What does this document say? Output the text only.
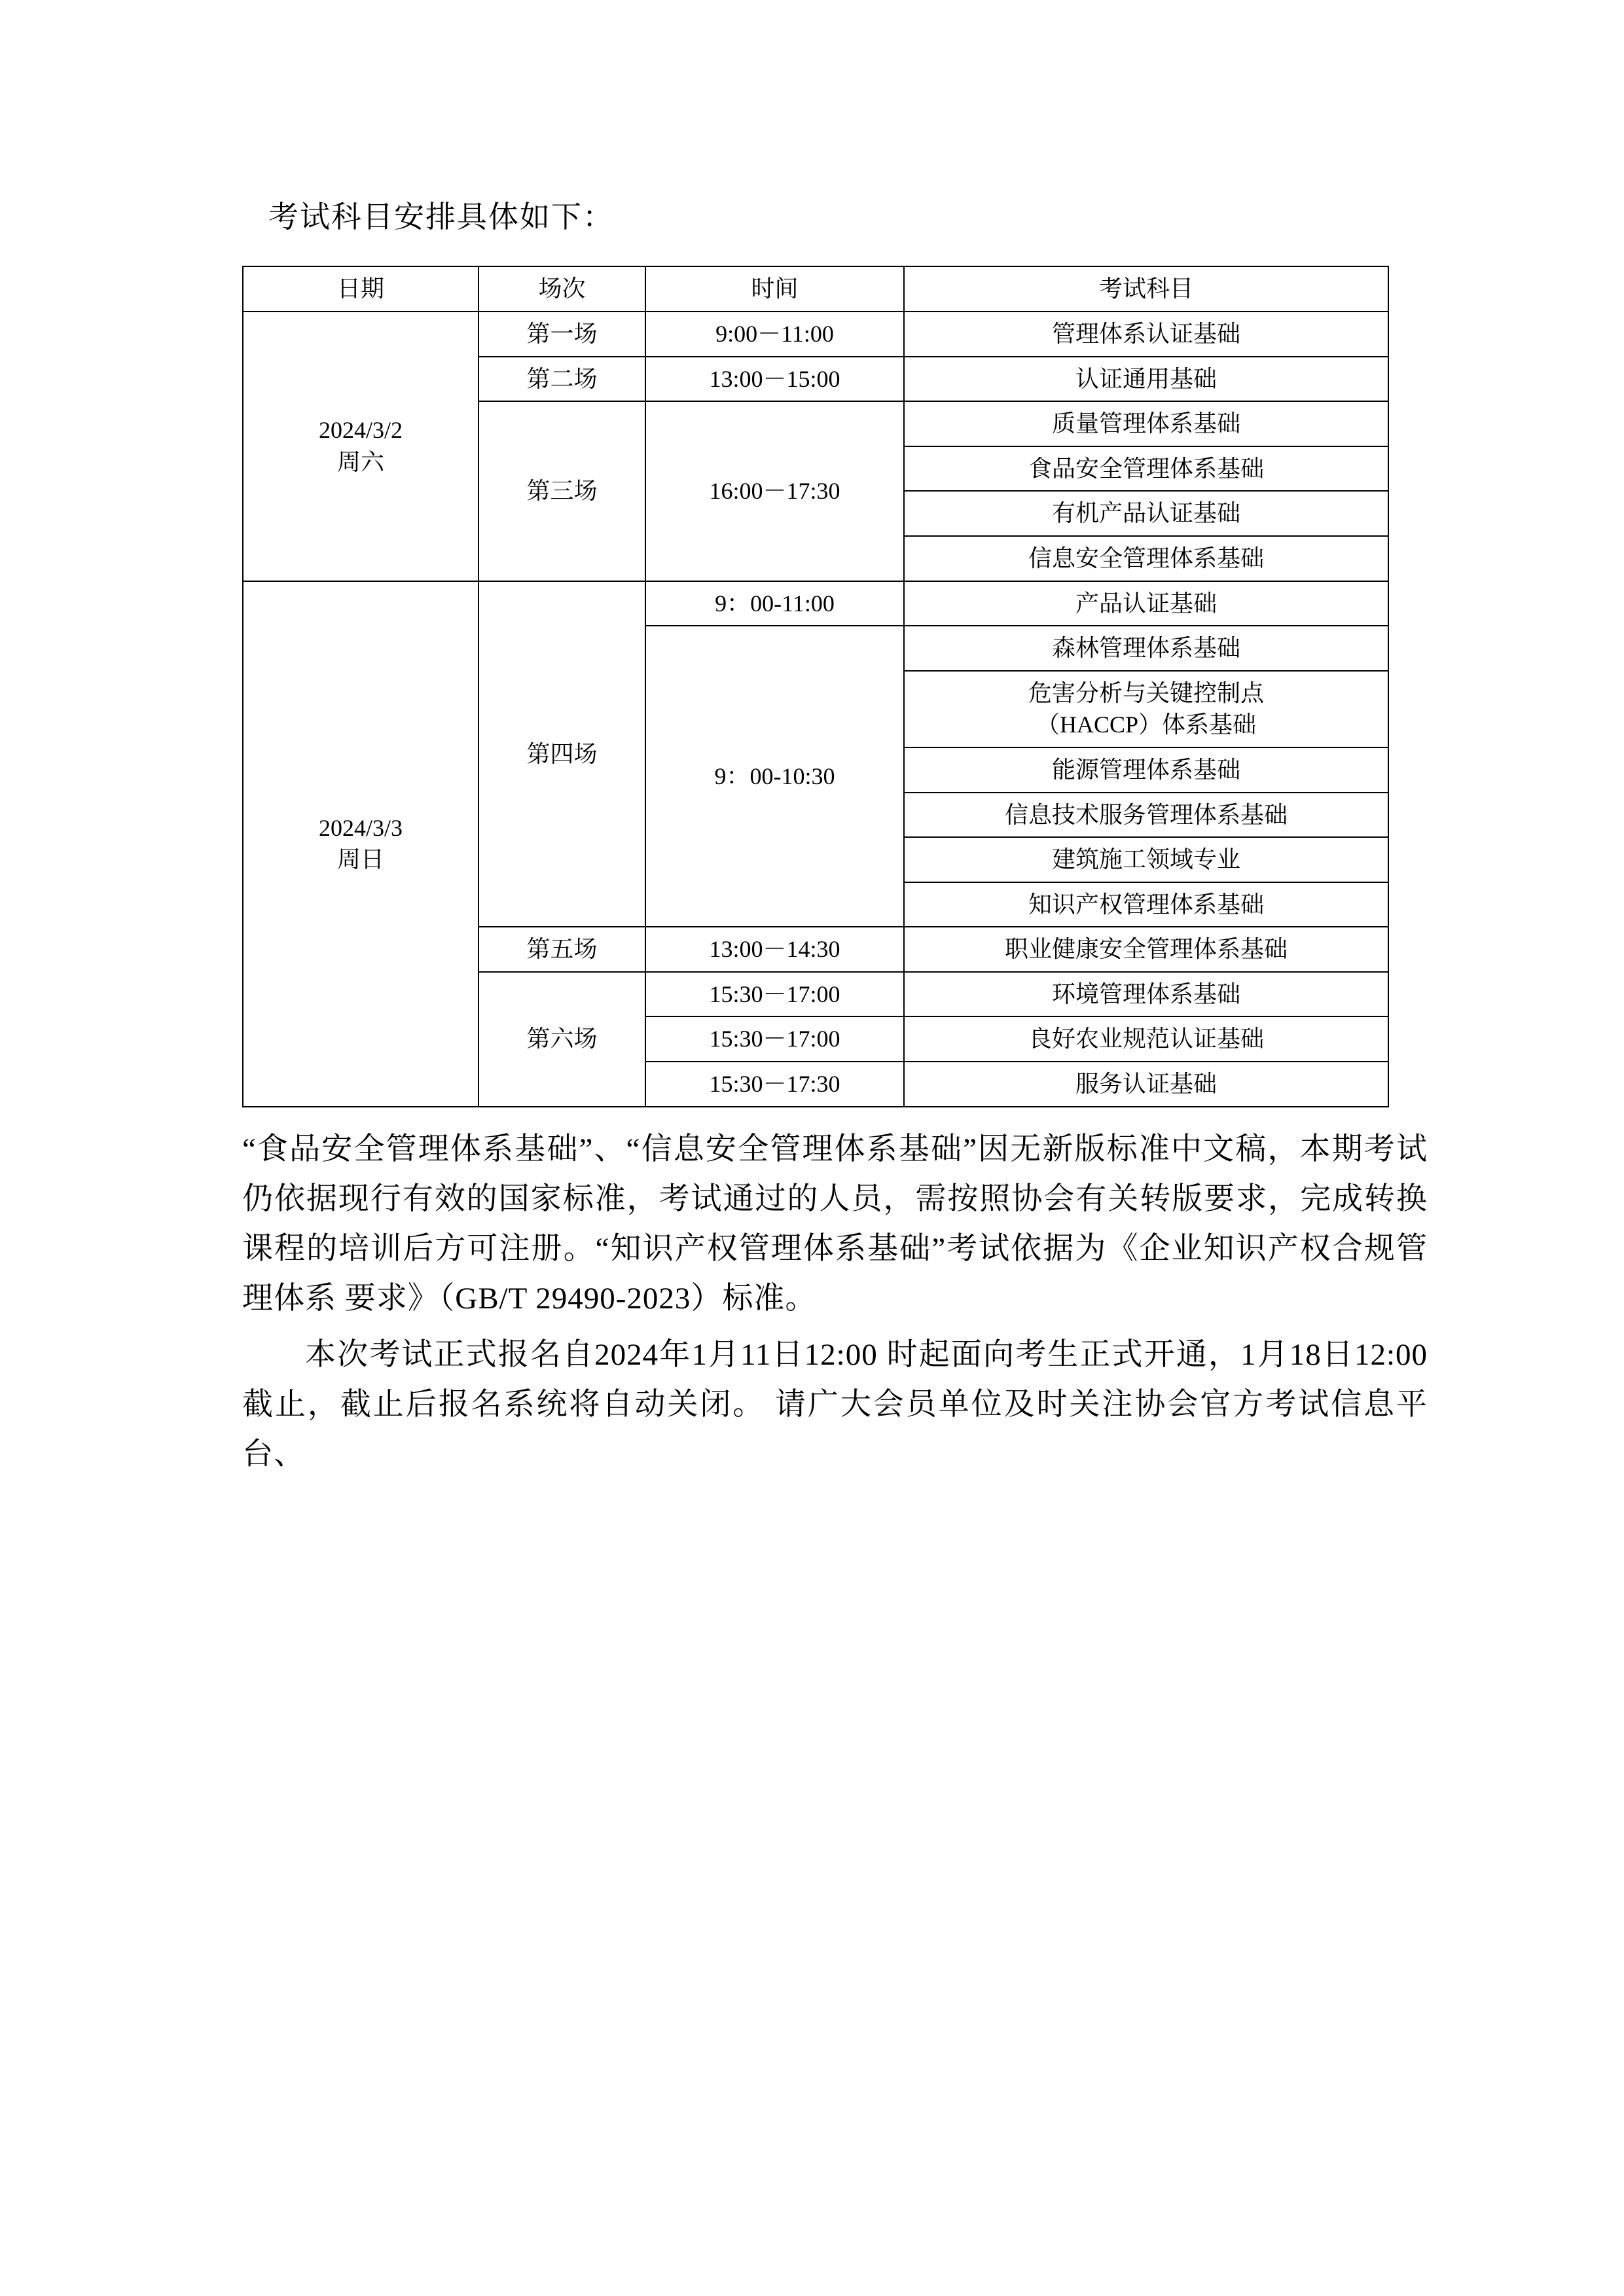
考试科目安排具体如下：
日期	场次	时间	考试科目

2024/3/2
周六	第一场	9:00－11:00	管理体系认证基础
	第二场	13:00－15:00	认证通用基础
	第三场	16:00－17:30	质量管理体系基础
			食品安全管理体系基础
			有机产品认证基础
			信息安全管理体系基础

2024/3/3
周日	第四场	9：00-11:00	产品认证基础
		9：00-10:30	森林管理体系基础

			危害分析与关键控制点
（HACCP）体系基础

			能源管理体系基础
			信息技术服务管理体系基础
			建筑施工领域专业
			知识产权管理体系基础
	第五场	13:00－14:30	职业健康安全管理体系基础
	第六场	15:30－17:00	环境管理体系基础
		15:30－17:00	良好农业规范认证基础
		15:30－17:30	服务认证基础

“食品安全管理体系基础”、“信息安全管理体系基础”因无新版标准中文稿，本期考试仍依据现行有效的国家标准，考试通过的人员，需按照协会有关转版要求，完成转换课程的培训后方可注册。“知识产权管理体系基础”考试依据为《企业知识产权合规管理体系 要求》（GB/T 29490-2023）标准。

本次考试正式报名自2024年1月11日12:00 时起面向考生正式开通，1月18日12:00截止，截止后报名系统将自动关闭。 请广大会员单位及时关注协会官方考试信息平台、
